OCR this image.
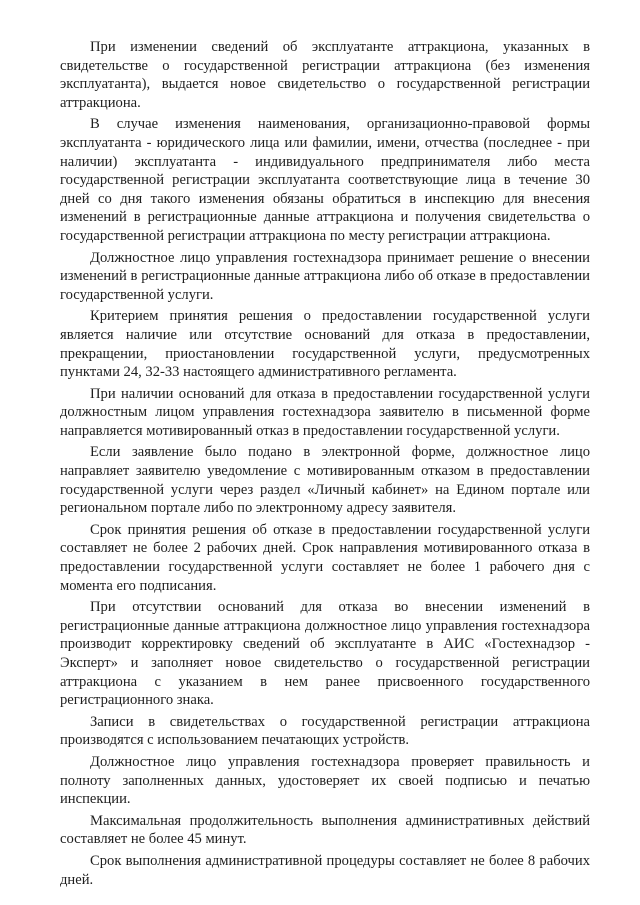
При изменении сведений об эксплуатанте аттракциона, указанных в свидетельстве о государственной регистрации аттракциона (без изменения эксплуатанта), выдается новое свидетельство о государственной регистрации аттракциона.

В случае изменения наименования, организационно-правовой формы эксплуатанта - юридического лица или фамилии, имени, отчества (последнее - при наличии) эксплуатанта - индивидуального предпринимателя либо места государственной регистрации эксплуатанта соответствующие лица в течение 30 дней со дня такого изменения обязаны обратиться в инспекцию для внесения изменений в регистрационные данные аттракциона и получения свидетельства о государственной регистрации аттракциона по месту регистрации аттракциона.

Должностное лицо управления гостехнадзора принимает решение о внесении изменений в регистрационные данные аттракциона либо об отказе в предоставлении государственной услуги.

Критерием принятия решения о предоставлении государственной услуги является наличие или отсутствие оснований для отказа в предоставлении, прекращении, приостановлении государственной услуги, предусмотренных пунктами 24, 32-33 настоящего административного регламента.

При наличии оснований для отказа в предоставлении государственной услуги должностным лицом управления гостехнадзора заявителю в письменной форме направляется мотивированный отказ в предоставлении государственной услуги.

Если заявление было подано в электронной форме, должностное лицо направляет заявителю уведомление с мотивированным отказом в предоставлении государственной услуги через раздел «Личный кабинет» на Едином портале или региональном портале либо по электронному адресу заявителя.

Срок принятия решения об отказе в предоставлении государственной услуги составляет не более 2 рабочих дней. Срок направления мотивированного отказа в предоставлении государственной услуги составляет не более 1 рабочего дня с момента его подписания.

При отсутствии оснований для отказа во внесении изменений в регистрационные данные аттракциона должностное лицо управления гостехнадзора производит корректировку сведений об эксплуатанте в АИС «Гостехнадзор - Эксперт» и заполняет новое свидетельство о государственной регистрации аттракциона с указанием в нем ранее присвоенного государственного регистрационного знака.

Записи в свидетельствах о государственной регистрации аттракциона производятся с использованием печатающих устройств.

Должностное лицо управления гостехнадзора проверяет правильность и полноту заполненных данных, удостоверяет их своей подписью и печатью инспекции.

Максимальная продолжительность выполнения административных действий составляет не более 45 минут.

Срок выполнения административной процедуры составляет не более 8 рабочих дней.
